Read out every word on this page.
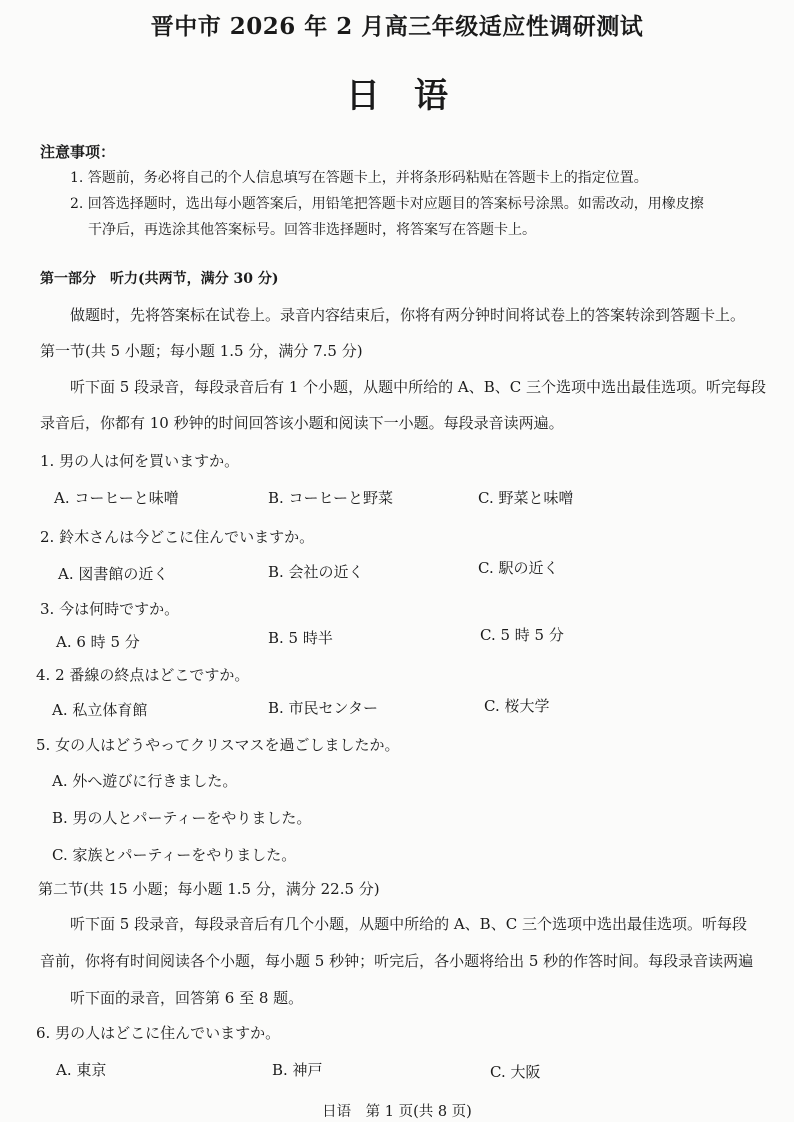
晋中市 2026 年 2 月高三年级适应性调研测试
日语
注意事项：
1. 答题前，务必将自己的个人信息填写在答题卡上，并将条形码粘贴在答题卡上的指定位置。
2. 回答选择题时，选出每小题答案后，用铅笔把答题卡对应题目的答案标号涂黑。如需改动，用橡皮擦
干净后，再选涂其他答案标号。回答非选择题时，将答案写在答题卡上。
第一部分　听力(共两节，满分 30 分)
做题时，先将答案标在试卷上。录音内容结束后，你将有两分钟时间将试卷上的答案转涂到答题卡上。
第一节(共 5 小题；每小题 1.5 分，满分 7.5 分)
听下面 5 段录音，每段录音后有 1 个小题，从题中所给的 A、B、C 三个选项中选出最佳选项。听完每段
录音后，你都有 10 秒钟的时间回答该小题和阅读下一小题。每段录音读两遍。
1. 男の人は何を買いますか。
A. コーヒーと味噌	B. コーヒーと野菜	C. 野菜と味噌
2. 鈴木さんは今どこに住んでいますか。
A. 図書館の近く	B. 会社の近く	C. 駅の近く
3. 今は何時ですか。
A. 6 時 5 分	B. 5 時半	C. 5 時 5 分
4. 2 番線の終点はどこですか。
A. 私立体育館	B. 市民センター	C. 桜大学
5. 女の人はどうやってクリスマスを過ごしましたか。
A. 外へ遊びに行きました。
B. 男の人とパーティーをやりました。
C. 家族とパーティーをやりました。
第二节(共 15 小题；每小题 1.5 分，满分 22.5 分)
听下面 5 段录音，每段录音后有几个小题，从题中所给的 A、B、C 三个选项中选出最佳选项。听每段
音前，你将有时间阅读各个小题，每小题 5 秒钟；听完后，各小题将给出 5 秒的作答时间。每段录音读两遍
听下面的录音，回答第 6 至 8 题。
6. 男の人はどこに住んでいますか。
A. 東京	B. 神戸	C. 大阪
日语　第 1 页(共 8 页)
